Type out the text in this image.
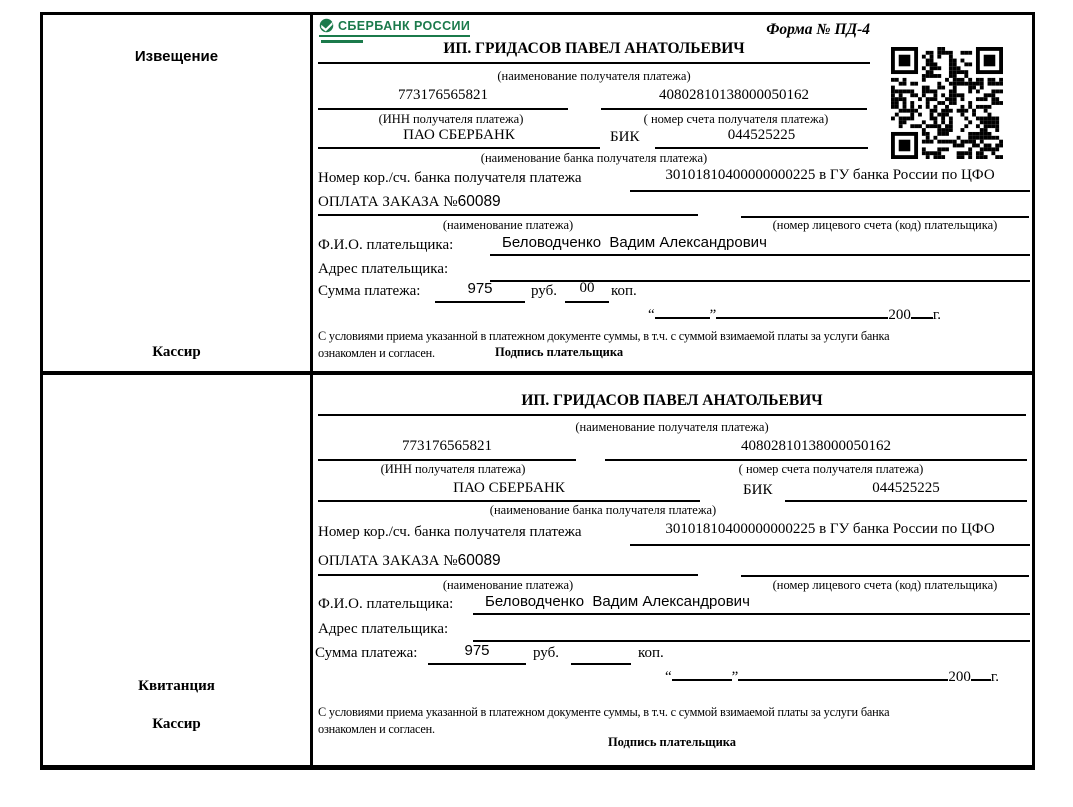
Извещение
Кассир
СБЕРБАНК РОССИИ	Форма № ПД-4
ИП. ГРИДАСОВ ПАВЕЛ АНАТОЛЬЕВИЧ
(наименование получателя платежа)
773176565821	40802810138000050162
(ИНН получателя платежа)	( номер счета получателя платежа)
ПАО СБЕРБАНК	БИК	044525225
(наименование банка получателя платежа)
Номер кор./сч. банка получателя платежа	30101810400000000225 в ГУ банка России по ЦФО
ОПЛАТА ЗАКАЗА №60089
(наименование платежа)	(номер лицевого счета (код) плательщика)
Ф.И.О. плательщика:	Беловодченко  Вадим Александрович
Адрес плательщика:
Сумма платежа:	975	руб.	00	коп.
“	”	200 г.
С условиями приема указанной в платежном документе суммы, в т.ч. с суммой взимаемой платы за услуги банка
ознакомлен и согласен.	Подпись плательщика
Квитанция
Кассир
ИП. ГРИДАСОВ ПАВЕЛ АНАТОЛЬЕВИЧ
(наименование получателя платежа)
773176565821	40802810138000050162
(ИНН получателя платежа)	( номер счета получателя платежа)
ПАО СБЕРБАНК	БИК	044525225
(наименование банка получателя платежа)
Номер кор./сч. банка получателя платежа	30101810400000000225 в ГУ банка России по ЦФО
ОПЛАТА ЗАКАЗА №60089
(наименование платежа)	(номер лицевого счета (код) плательщика)
Ф.И.О. плательщика:	Беловодченко  Вадим Александрович
Адрес плательщика:
Сумма платежа:	975	руб.	коп.
“	”	200 г.
С условиями приема указанной в платежном документе суммы, в т.ч. с суммой взимаемой платы за услуги банка
ознакомлен и согласен.
Подпись плательщика
